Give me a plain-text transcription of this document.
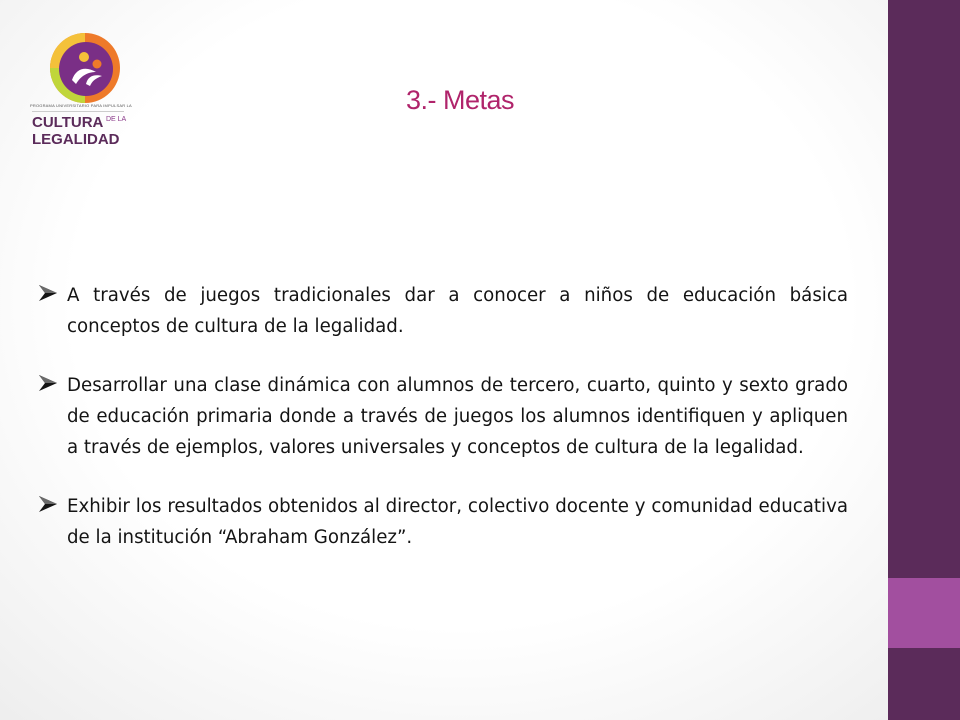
PROGRAMA UNIVERSITARIO PARA IMPULSAR LA
CULTURA DE LA
LEGALIDAD
3.- Metas
A través de juegos tradicionales dar a conocer a niños de educación básica conceptos de cultura de la legalidad.
Desarrollar una clase dinámica con alumnos de tercero, cuarto, quinto y sexto grado de educación primaria donde a través de juegos los alumnos identifiquen y apliquen a través de ejemplos, valores universales y conceptos de cultura de la legalidad.
Exhibir los resultados obtenidos al director, colectivo docente y comunidad educativa de la institución “Abraham González”.
